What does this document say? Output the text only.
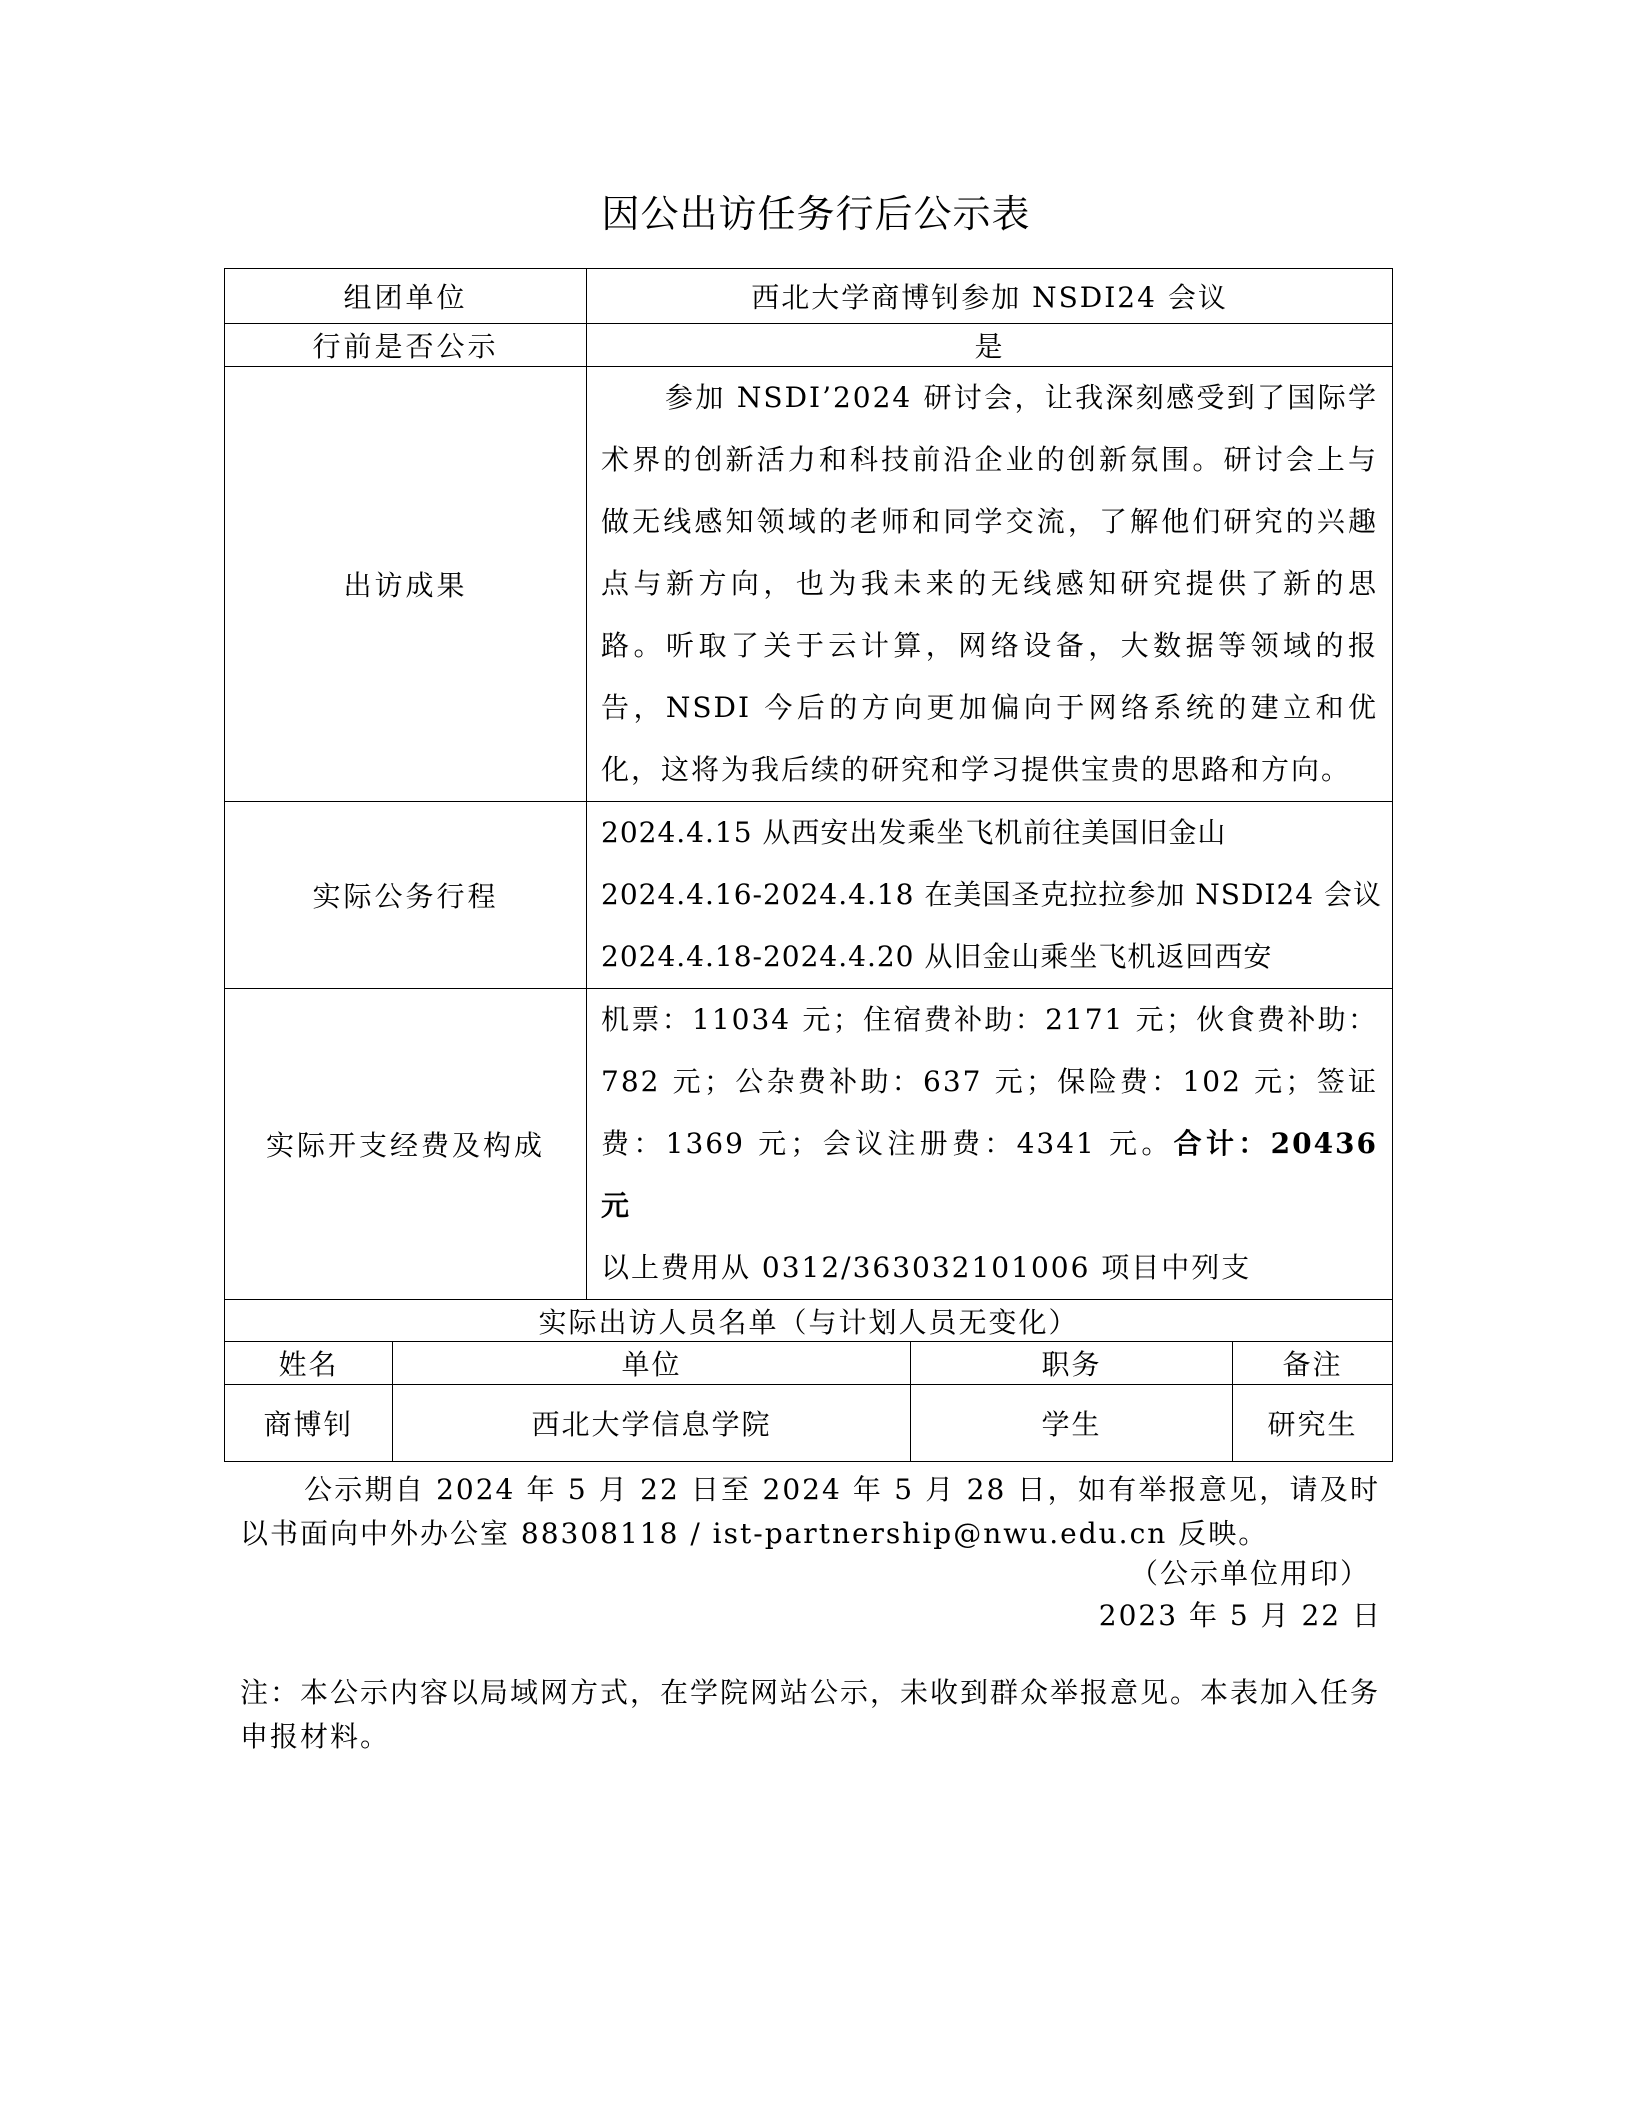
因公出访任务行后公示表
组团单位		西北大学商博钊参加 NSDI24 会议		
行前是否公示		是		
出访成果		参加 NSDI’2024 研讨会，让我深刻感受到了国际学术界的创新活力和科技前沿企业的创新氛围。研讨会上与做无线感知领域的老师和同学交流，了解他们研究的兴趣点与新方向，也为我未来的无线感知研究提供了新的思路。听取了关于云计算，网络设备，大数据等领域的报告，NSDI 今后的方向更加偏向于网络系统的建立和优化，这将为我后续的研究和学习提供宝贵的思路和方向。		
实际公务行程		2024.4.15 从西安出发乘坐飞机前往美国旧金山
2024.4.16-2024.4.18 在美国圣克拉拉参加 NSDI24 会议
2024.4.18-2024.4.20 从旧金山乘坐飞机返回西安		

实际开支经费及构成		机票：11034 元；住宿费补助：2171 元；伙食费补助：782 元；公杂费补助：637 元；保险费：102 元；签证费：1369 元；会议注册费：4341 元。合计：20436 元
以上费用从 0312/363032101006 项目中列支		
实际出访人员名单（与计划人员无变化）				
姓名	单位		职务	备注
商博钊	西北大学信息学院		学生	研究生
公示期自 2024 年 5 月 22 日至 2024 年 5 月 28 日，如有举报意见，请及时以书面向中外办公室 88308118 / ist-partnership@nwu.edu.cn 反映。
（公示单位用印）
2023 年 5 月 22 日
注：本公示内容以局域网方式，在学院网站公示，未收到群众举报意见。本表加入任务申报材料。
